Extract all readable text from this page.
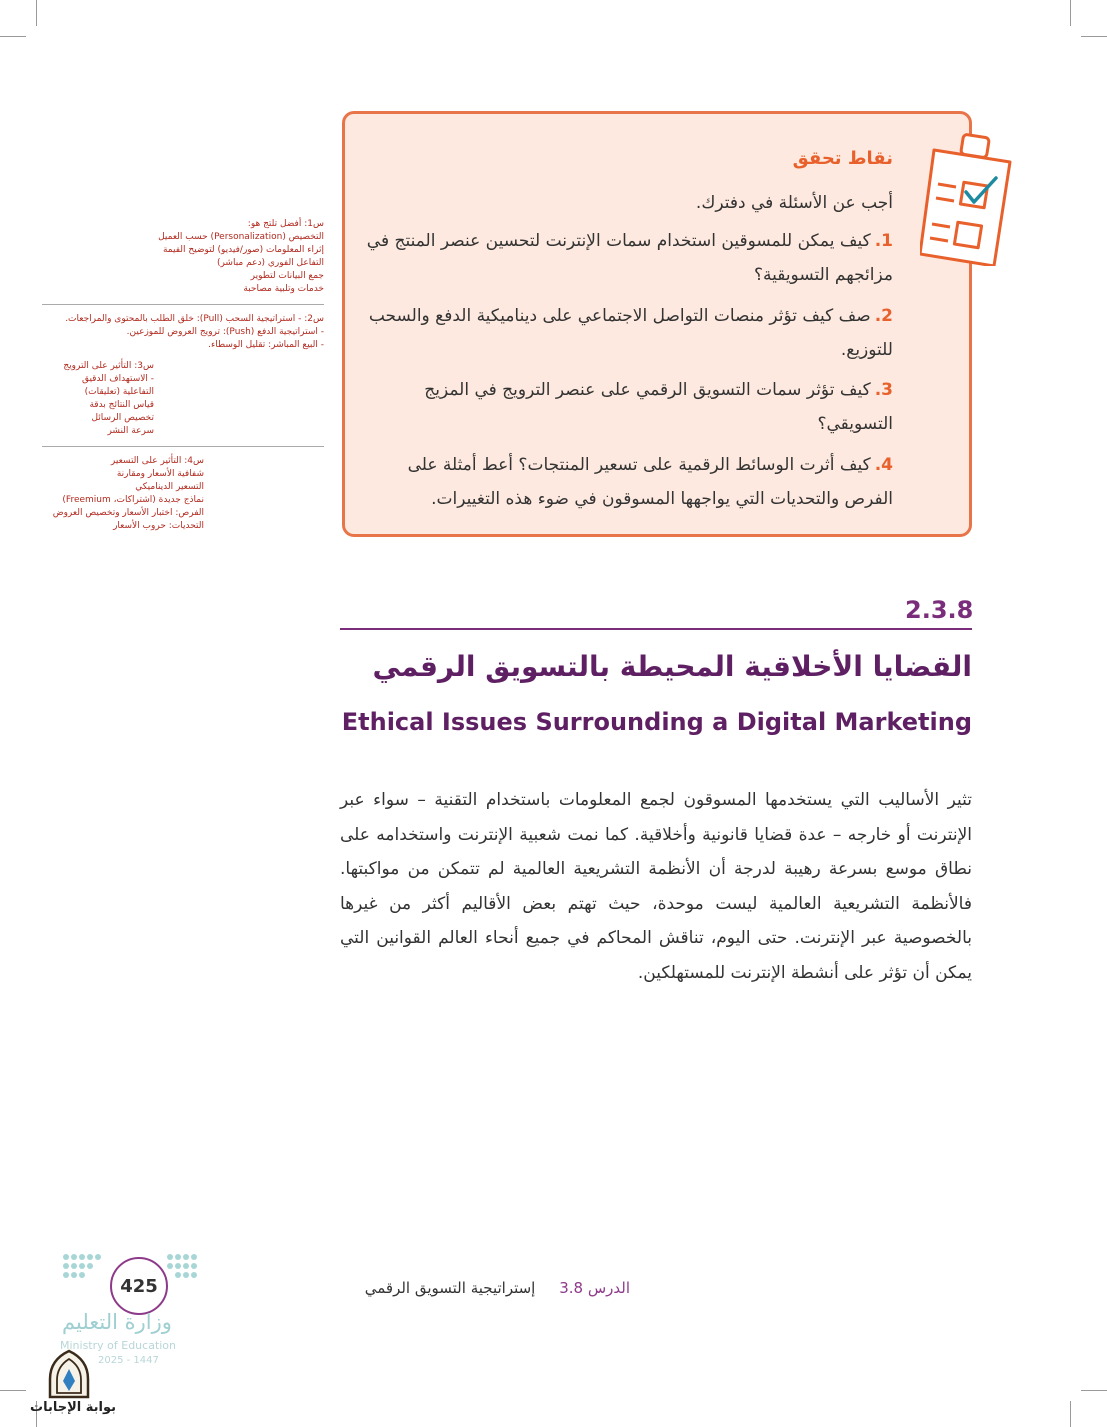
س1: أفضل تلتج هو:
التخصيص (Personalization) حسب العميل
إثراء المعلومات (صور/فيديو) لتوضيح الفيمة
التفاعل الفوري (دعم مباشر)
جمع البيانات لتطوير
خدمات وتلبية مصاحبة
س2: - استراتيجية السحب (Pull): خلق الطلب بالمحتوى والمراجعات.
- استراتيجية الدفع (Push): ترويج العروض للموزعين.
- البيع المباشر: تقليل الوسطاء.
س3: التأثير على الترويج
- الاستهداف الدقيق
التفاعلية (تعليقات)
قياس النتائج بدقة
تخصيص الرسائل
سرعة النشر
س4: التأثير على التسعير
شفافية الأسعار ومقارنة
التسعير الديناميكي
نماذج جديدة (اشتراكات، Freemium)
الفرص: اختبار الأسعار وتخصيص العروض
التحديات: حروب الأسعار
نقاط تحقق
أجب عن الأسئلة في دفترك.
1.كيف يمكن للمسوقين استخدام سمات الإنترنت لتحسين عنصر المنتج في مزائجهم التسويقية؟
2.صف كيف تؤثر منصات التواصل الاجتماعي على ديناميكية الدفع والسحب للتوزيع.
3.كيف تؤثر سمات التسويق الرقمي على عنصر الترويج في المزيج التسويقي؟
4.كيف أثرت الوسائط الرقمية على تسعير المنتجات؟ أعط أمثلة على الفرص والتحديات التي يواجهها المسوقون في ضوء هذه التغييرات.
2.3.8
القضايا الأخلاقية المحيطة بالتسويق الرقمي
Ethical Issues Surrounding a Digital Marketing
تثير الأساليب التي يستخدمها المسوقون لجمع المعلومات باستخدام التقنية – سواء عبر الإنترنت أو خارجه – عدة قضايا قانونية وأخلاقية. كما نمت شعبية الإنترنت واستخدامه على نطاق موسع بسرعة رهيبة لدرجة أن الأنظمة التشريعية العالمية لم تتمكن من مواكبتها. فالأنظمة التشريعية العالمية ليست موحدة، حيث تهتم بعض الأقاليم أكثر من غيرها بالخصوصية عبر الإنترنت. حتى اليوم، تناقش المحاكم في جميع أنحاء العالم القوانين التي يمكن أن تؤثر على أنشطة الإنترنت للمستهلكين.
الدرس 3.8     إستراتيجية التسويق الرقمي
425
وزارة التعليم
Ministry of Education
2025 - 1447
بوابة الإجابات
